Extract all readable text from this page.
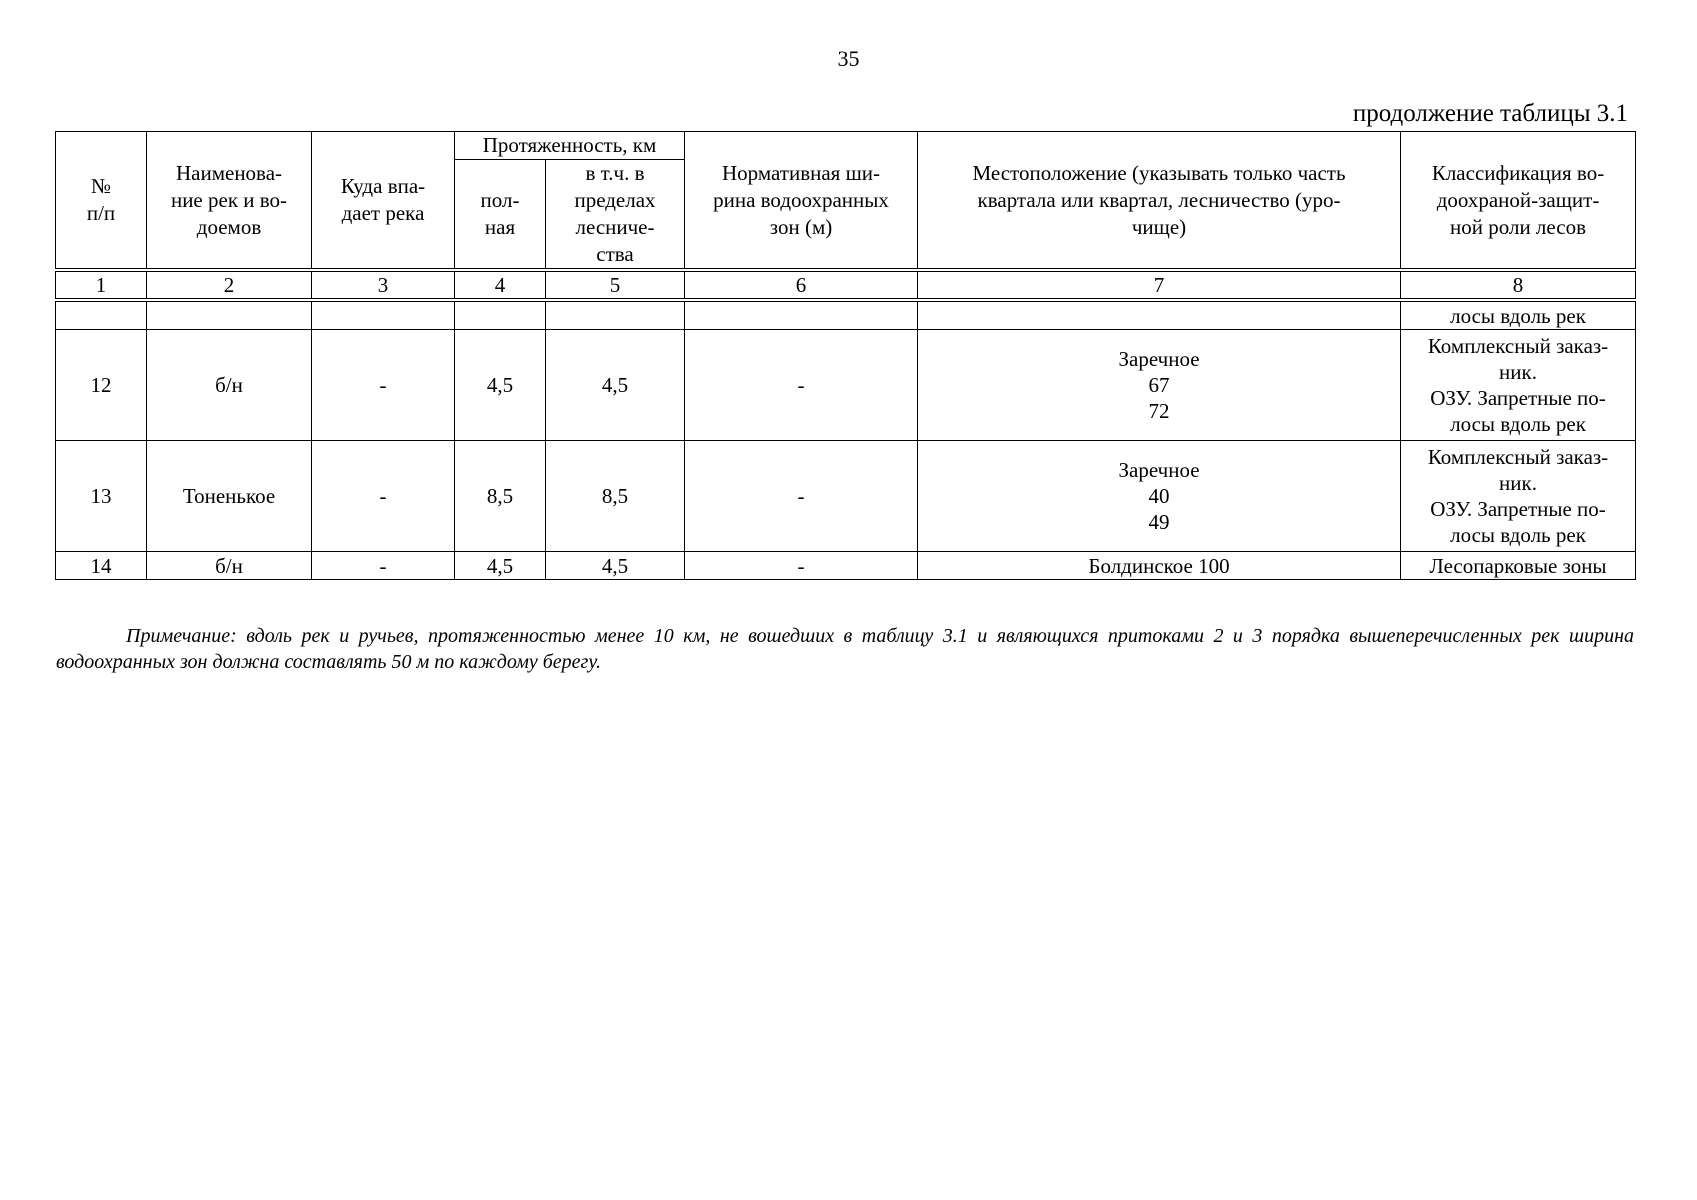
35
продолжение таблицы 3.1
№
п/п	Наименова-
ние рек и во-
доемов	Куда впа-
дает река	Протяженность, км		Нормативная ши-
рина водоохранных
зон (м)	Местоположение (указывать только часть
квартала или квартал, лесничество (уро-
чище)	Классификация во-
доохраной-защит-
ной роли лесов
			пол-
ная	в т.ч. в
пределах
лесниче-
ства			
1	2	3	4	5	6	7	8
							лосы вдоль рек
12	б/н	-	4,5	4,5	-	Заречное
67
72	Комплексный заказ-
ник.
ОЗУ. Запретные по-
лосы вдоль рек
13	Тоненькое	-	8,5	8,5	-	Заречное
40
49	Комплексный заказ-
ник.
ОЗУ. Запретные по-
лосы вдоль рек
14	б/н	-	4,5	4,5	-	Болдинское 100	Лесопарковые зоны
Примечание: вдоль рек и ручьев, протяженностью менее 10 км, не вошедших в таблицу 3.1 и являющихся притоками 2 и 3 порядка вышеперечисленных рек ширина водоохранных зон должна составлять 50 м по каждому берегу.
